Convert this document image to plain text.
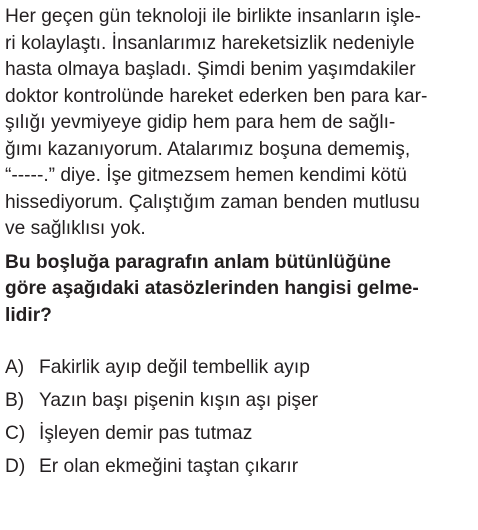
Her geçen gün teknoloji ile birlikte insanların işle-
ri kolaylaştı. İnsanlarımız hareketsizlik nedeniyle
hasta olmaya başladı. Şimdi benim yaşımdakiler
doktor kontrolünde hareket ederken ben para kar-
şılığı yevmiyeye gidip hem para hem de sağlı-
ğımı kazanıyorum. Atalarımız boşuna dememiş,
“-----.” diye. İşe gitmezsem hemen kendimi kötü
hissediyorum. Çalıştığım zaman benden mutlusu
ve sağlıklısı yok.
Bu boşluğa paragrafın anlam bütünlüğüne
göre aşağıdaki atasözlerinden hangisi gelme-
lidir?
A) Fakirlik ayıp değil tembellik ayıp
B) Yazın başı pişenin kışın aşı pişer
C) İşleyen demir pas tutmaz
D) Er olan ekmeğini taştan çıkarır
